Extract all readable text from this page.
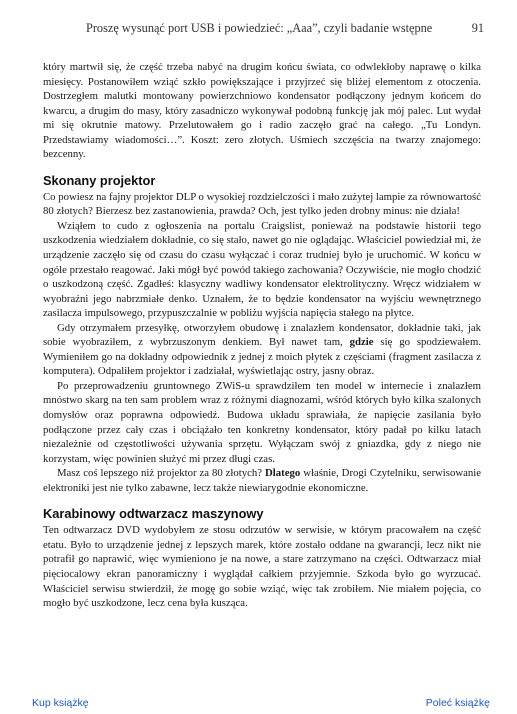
Proszę wysunąć port USB i powiedzieć: „Aaa”, czyli badanie wstępne	91

który martwił się, że część trzeba nabyć na drugim końcu świata, co odwlekłoby naprawę o kilka miesięcy. Postanowiłem wziąć szkło powiększające i przyjrzeć się bliżej elementom z otoczenia. Dostrzegłem malutki montowany powierzchniowo kondensator podłączony jednym końcem do kwarcu, a drugim do masy, który zasadniczo wykonywał podobną funkcję jak mój palec. Lut wydał mi się okrutnie matowy. Przelutowałem go i radio zaczęło grać na całego. „Tu Londyn. Przedstawiamy wiadomości…”. Koszt: zero złotych. Uśmiech szczęścia na twarzy znajomego: bezcenny.

Skonany projektor

Co powiesz na fajny projektor DLP o wysokiej rozdzielczości i mało zużytej lampie za równowartość 80 złotych? Bierzesz bez zastanowienia, prawda? Och, jest tylko jeden drobny minus: nie działa!

Wziąłem to cudo z ogłoszenia na portalu Craigslist, ponieważ na podstawie historii tego uszkodzenia wiedziałem dokładnie, co się stało, nawet go nie oglądając. Właściciel powiedział mi, że urządzenie zaczęło się od czasu do czasu wyłączać i coraz trudniej było je uruchomić. W końcu w ogóle przestało reagować. Jaki mógł być powód takiego zachowania? Oczywiście, nie mogło chodzić o uszkodzoną część. Zgadłeś: klasyczny wadliwy kondensator elektrolityczny. Wręcz widziałem w wyobraźni jego nabrzmiałe denko. Uznałem, że to będzie kondensator na wyjściu wewnętrznego zasilacza impulsowego, przypuszczalnie w pobliżu wyjścia napięcia stałego na płytce.

Gdy otrzymałem przesyłkę, otworzyłem obudowę i znalazłem kondensator, dokładnie taki, jak sobie wyobraziłem, z wybrzuszonym denkiem. Był nawet tam, gdzie się go spodziewałem. Wymieniłem go na dokładny odpowiednik z jednej z moich płytek z częściami (fragment zasilacza z komputera). Odpaliłem projektor i zadziałał, wyświetlając ostry, jasny obraz.

Po przeprowadzeniu gruntownego ZWiS-u sprawdziłem ten model w internecie i znalazłem mnóstwo skarg na ten sam problem wraz z różnymi diagnozami, wśród których było kilka szalonych domysłów oraz poprawna odpowiedź. Budowa układu sprawiała, że napięcie zasilania było podłączone przez cały czas i obciążało ten konkretny kondensator, który padał po kilku latach niezależnie od częstotliwości używania sprzętu. Wyłączam swój z gniazdka, gdy z niego nie korzystam, więc powinien służyć mi przez długi czas.

Masz coś lepszego niż projektor za 80 złotych? Dlatego właśnie, Drogi Czytelniku, serwisowanie elektroniki jest nie tylko zabawne, lecz także niewiarygodnie ekonomiczne.

Karabinowy odtwarzacz maszynowy

Ten odtwarzacz DVD wydobyłem ze stosu odrzutów w serwisie, w którym pracowałem na część etatu. Było to urządzenie jednej z lepszych marek, które zostało oddane na gwarancji, lecz nikt nie potrafił go naprawić, więc wymieniono je na nowe, a stare zatrzymano na części. Odtwarzacz miał pięciocalowy ekran panoramiczny i wyglądał całkiem przyjemnie. Szkoda było go wyrzucać. Właściciel serwisu stwierdził, że mogę go sobie wziąć, więc tak zrobiłem. Nie miałem pojęcia, co mogło być uszkodzone, lecz cena była kusząca.

Kup książkę	Poleć książkę
